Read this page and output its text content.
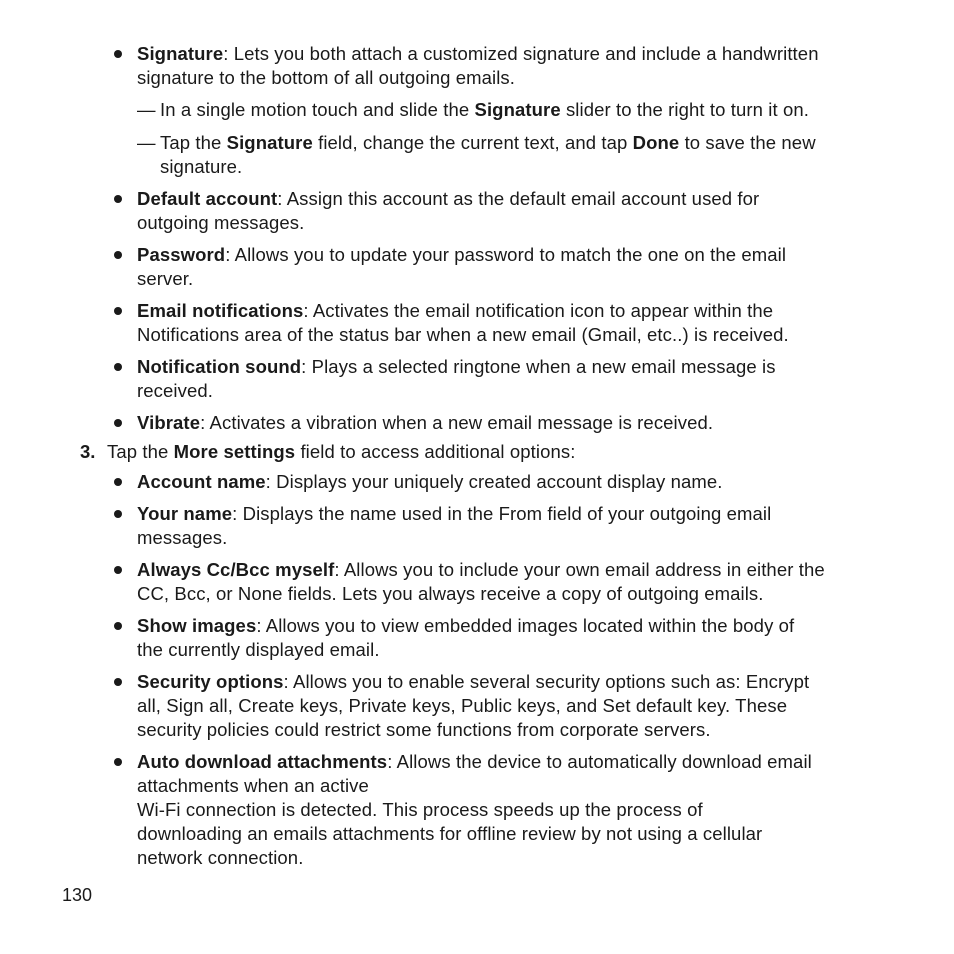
Signature: Lets you both attach a customized signature and include a handwritten
signature to the bottom of all outgoing emails.
— In a single motion touch and slide the Signature slider to the right to turn it on.
— Tap the Signature field, change the current text, and tap Done to save the new
signature.
Default account: Assign this account as the default email account used for
outgoing messages.
Password: Allows you to update your password to match the one on the email
server.
Email notifications: Activates the email notification icon to appear within the
Notifications area of the status bar when a new email (Gmail, etc..) is received.
Notification sound: Plays a selected ringtone when a new email message is
received.
Vibrate: Activates a vibration when a new email message is received.
3. Tap the More settings field to access additional options:
Account name: Displays your uniquely created account display name.
Your name: Displays the name used in the From field of your outgoing email
messages.
Always Cc/Bcc myself: Allows you to include your own email address in either the
CC, Bcc, or None fields. Lets you always receive a copy of outgoing emails.
Show images: Allows you to view embedded images located within the body of
the currently displayed email.
Security options: Allows you to enable several security options such as: Encrypt
all, Sign all, Create keys, Private keys, Public keys, and Set default key. These
security policies could restrict some functions from corporate servers.
Auto download attachments: Allows the device to automatically download email
attachments when an active
Wi-Fi connection is detected. This process speeds up the process of
downloading an emails attachments for offline review by not using a cellular
network connection.
130
